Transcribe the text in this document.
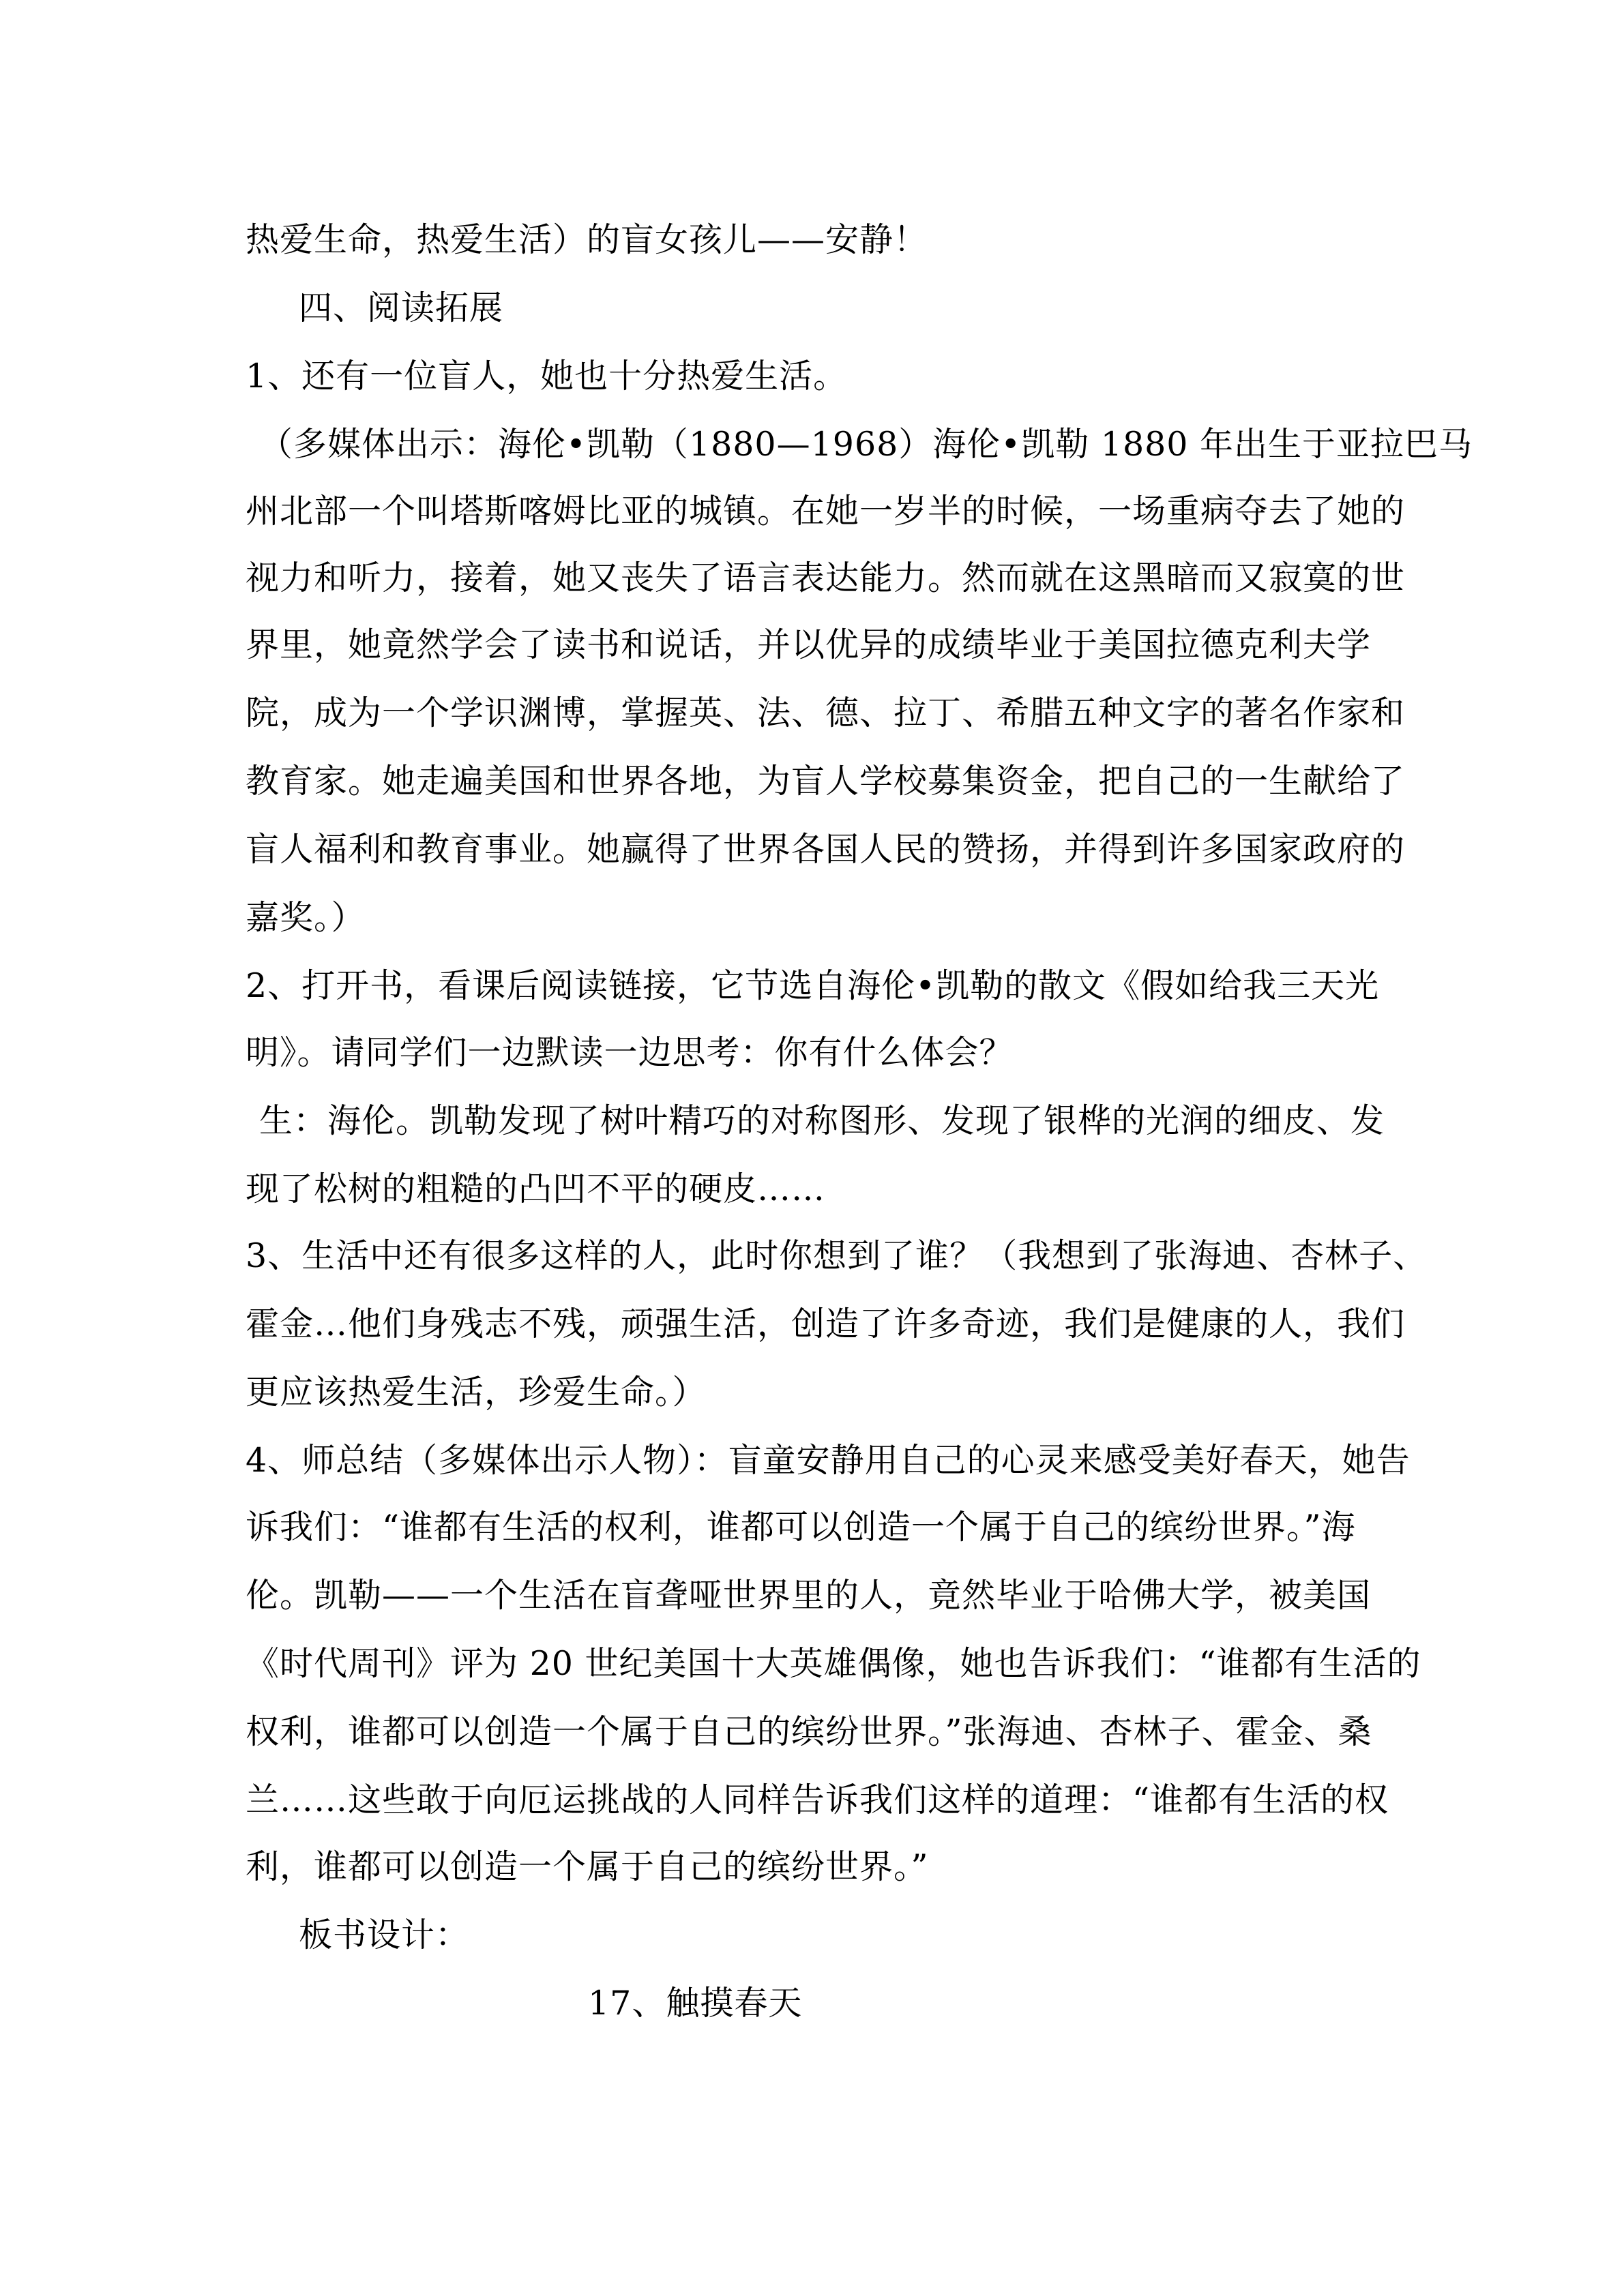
热爱生命，热爱生活）的盲女孩儿——安静！
四、阅读拓展
1、还有一位盲人，她也十分热爱生活。
（多媒体出示：海伦•凯勒（1880—1968）海伦•凯勒 1880 年出生于亚拉巴马
州北部一个叫塔斯喀姆比亚的城镇。在她一岁半的时候，一场重病夺去了她的
视力和听力，接着，她又丧失了语言表达能力。然而就在这黑暗而又寂寞的世
界里，她竟然学会了读书和说话，并以优异的成绩毕业于美国拉德克利夫学
院，成为一个学识渊博，掌握英、法、德、拉丁、希腊五种文字的著名作家和
教育家。她走遍美国和世界各地，为盲人学校募集资金，把自己的一生献给了
盲人福利和教育事业。她赢得了世界各国人民的赞扬，并得到许多国家政府的
嘉奖。）
2、打开书，看课后阅读链接，它节选自海伦•凯勒的散文《假如给我三天光
明》。请同学们一边默读一边思考：你有什么体会？
生：海伦。凯勒发现了树叶精巧的对称图形、发现了银桦的光润的细皮、发
现了松树的粗糙的凸凹不平的硬皮……
3、生活中还有很多这样的人，此时你想到了谁？（我想到了张海迪、杏林子、
霍金…他们身残志不残，顽强生活，创造了许多奇迹，我们是健康的人，我们
更应该热爱生活，珍爱生命。）
4、师总结（多媒体出示人物）：盲童安静用自己的心灵来感受美好春天，她告
诉我们：“谁都有生活的权利，谁都可以创造一个属于自己的缤纷世界。”海
伦。凯勒——一个生活在盲聋哑世界里的人，竟然毕业于哈佛大学，被美国
《时代周刊》评为 20 世纪美国十大英雄偶像，她也告诉我们：“谁都有生活的
权利，谁都可以创造一个属于自己的缤纷世界。”张海迪、杏林子、霍金、桑
兰……这些敢于向厄运挑战的人同样告诉我们这样的道理：“谁都有生活的权
利，谁都可以创造一个属于自己的缤纷世界。”
板书设计：
17、触摸春天
